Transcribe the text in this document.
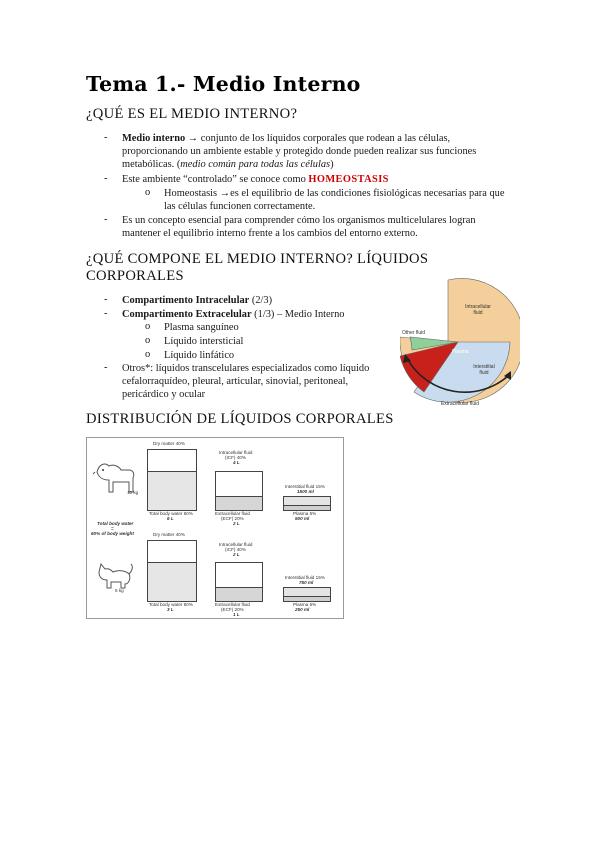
Tema 1.- Medio Interno
¿QUÉ ES EL MEDIO INTERNO?
- Medio interno → conjunto de los líquidos corporales que rodean a las células, proporcionando un ambiente estable y protegido donde pueden realizar sus funciones metabólicas. (medio común para todas las células)
- Este ambiente “controlado” se conoce como HOMEOSTASIS
o Homeostasis →es el equilibrio de las condiciones fisiológicas necesarias para que las células funcionen correctamente.
- Es un concepto esencial para comprender cómo los organismos multicelulares logran mantener el equilibrio interno frente a los cambios del entorno externo.
¿QUÉ COMPONE EL MEDIO INTERNO? LÍQUIDOS
CORPORALES
- Compartimento Intracelular (2/3)
- Compartimento Extracelular (1/3) – Medio Interno
o Plasma sanguíneo
o Líquido intersticial
o Líquido linfático
- Otros*: líquidos transcelulares especializados como líquido cefalorraquídeo, pleural, articular, sinovial, peritoneal, pericárdico y ocular
Intracellular
fluid
Other fluid
Plasma
Interstitial
fluid
Extracellular fluid
DISTRIBUCIÓN DE LÍQUIDOS CORPORALES
10 kg
Dry matter 40%
Total body water 60%
6 L
Intracellular fluid
(ICF) 40%
4 L
Extracellular fluid
(ECF) 20%
2 L
Interstitial fluid 15%
1500 ml
Plasma 5%
500 ml
Total body water
=
60% of body weight
5 kg
Dry matter 40%
Total body water 60%
3 L
Intracellular fluid
(ICF) 40%
2 L
Extracellular fluid
(ECF) 20%
1 L
Interstitial fluid 15%
750 ml
Plasma 5%
250 ml
